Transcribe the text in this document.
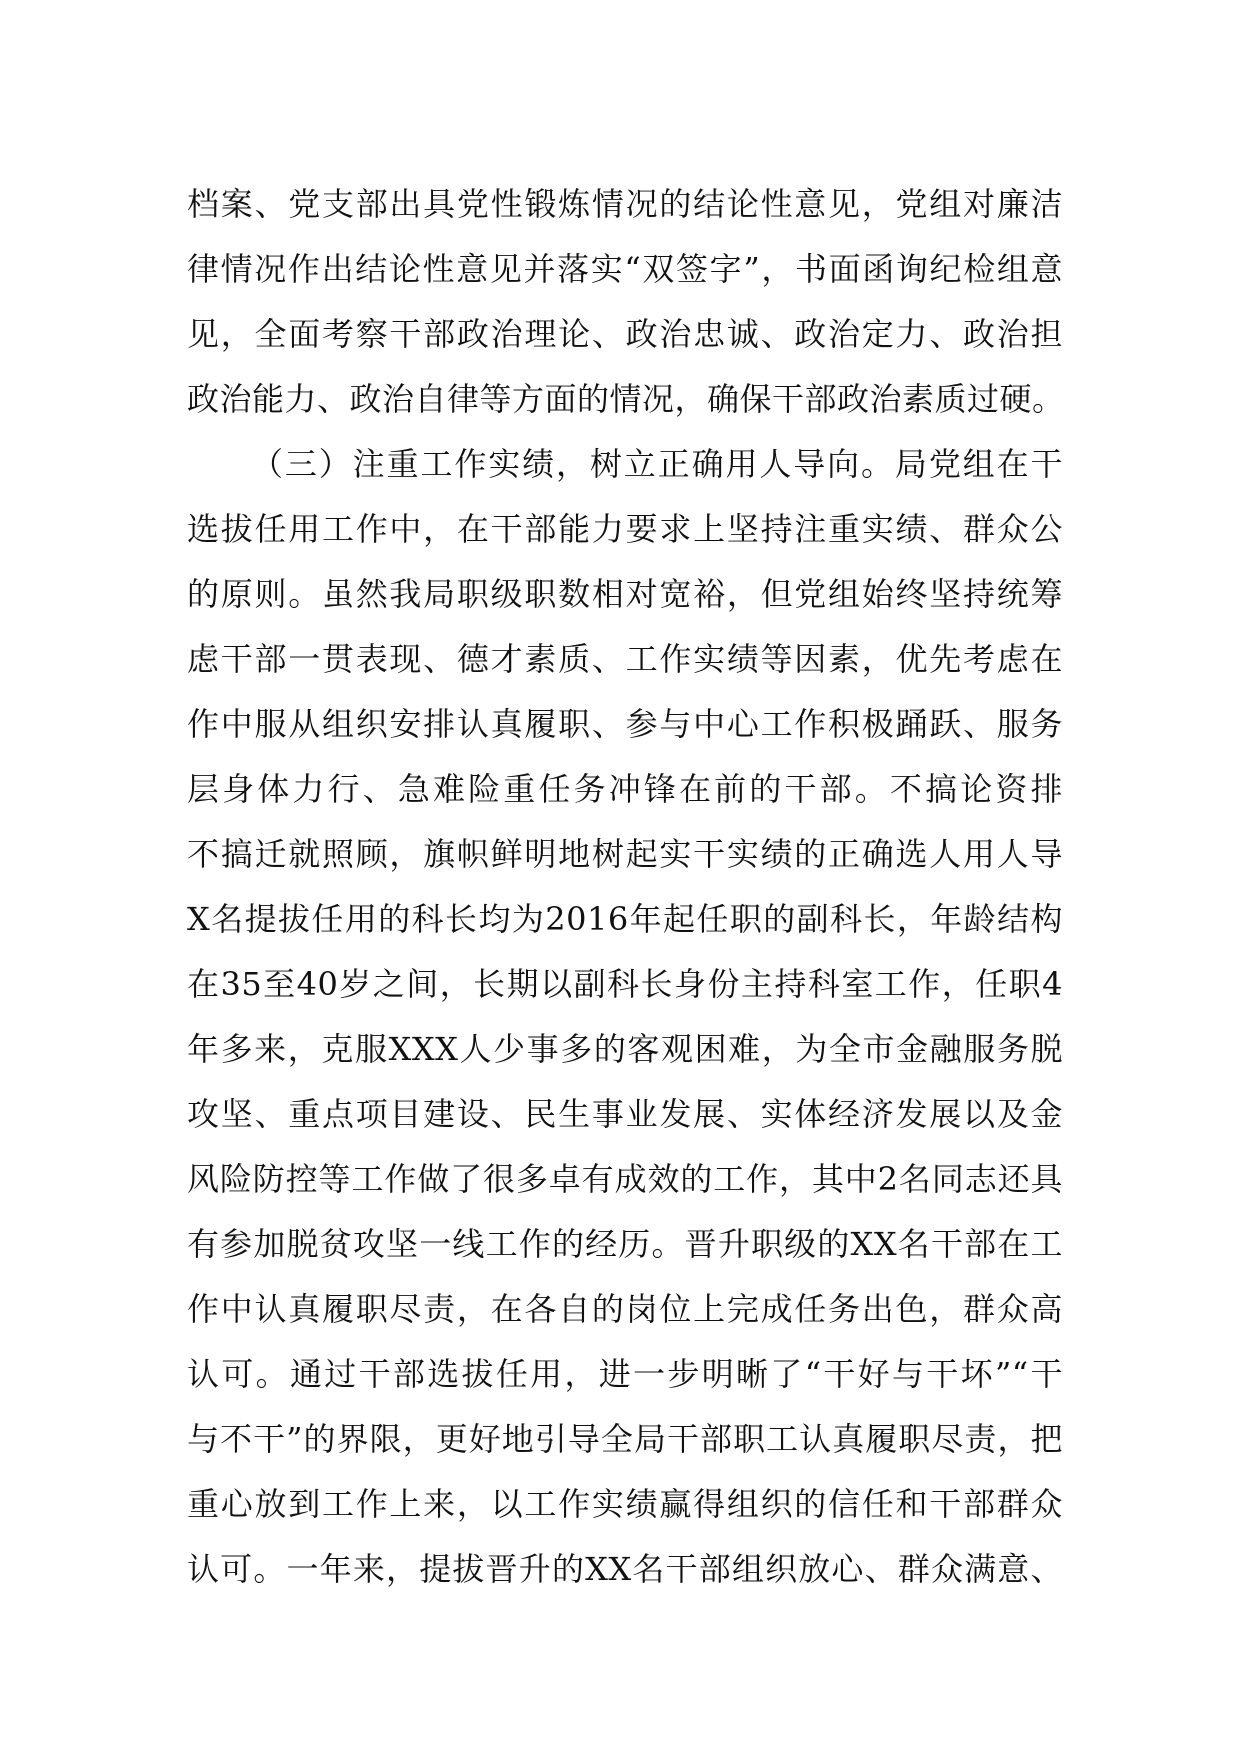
档案、党支部出具党性锻炼情况的结论性意见，党组对廉洁
律情况作出结论性意见并落实“双签字”，书面函询纪检组意
见，全面考察干部政治理论、政治忠诚、政治定力、政治担
政治能力、政治自律等方面的情况，确保干部政治素质过硬。
（三）注重工作实绩，树立正确用人导向。局党组在干
选拔任用工作中，在干部能力要求上坚持注重实绩、群众公
的原则。虽然我局职级职数相对宽裕，但党组始终坚持统筹
虑干部一贯表现、德才素质、工作实绩等因素，优先考虑在
作中服从组织安排认真履职、参与中心工作积极踊跃、服务
层身体力行、急难险重任务冲锋在前的干部。不搞论资排
不搞迁就照顾，旗帜鲜明地树起实干实绩的正确选人用人导
X名提拔任用的科长均为2016年起任职的副科长，年龄结构
在35至40岁之间，长期以副科长身份主持科室工作，任职4
年多来，克服XXX人少事多的客观困难，为全市金融服务脱
攻坚、重点项目建设、民生事业发展、实体经济发展以及金
风险防控等工作做了很多卓有成效的工作，其中2名同志还具
有参加脱贫攻坚一线工作的经历。晋升职级的XX名干部在工
作中认真履职尽责，在各自的岗位上完成任务出色，群众高
认可。通过干部选拔任用，进一步明晰了“干好与干坏”“干
与不干”的界限，更好地引导全局干部职工认真履职尽责，把
重心放到工作上来，以工作实绩赢得组织的信任和干部群众
认可。一年来，提拔晋升的XX名干部组织放心、群众满意、
